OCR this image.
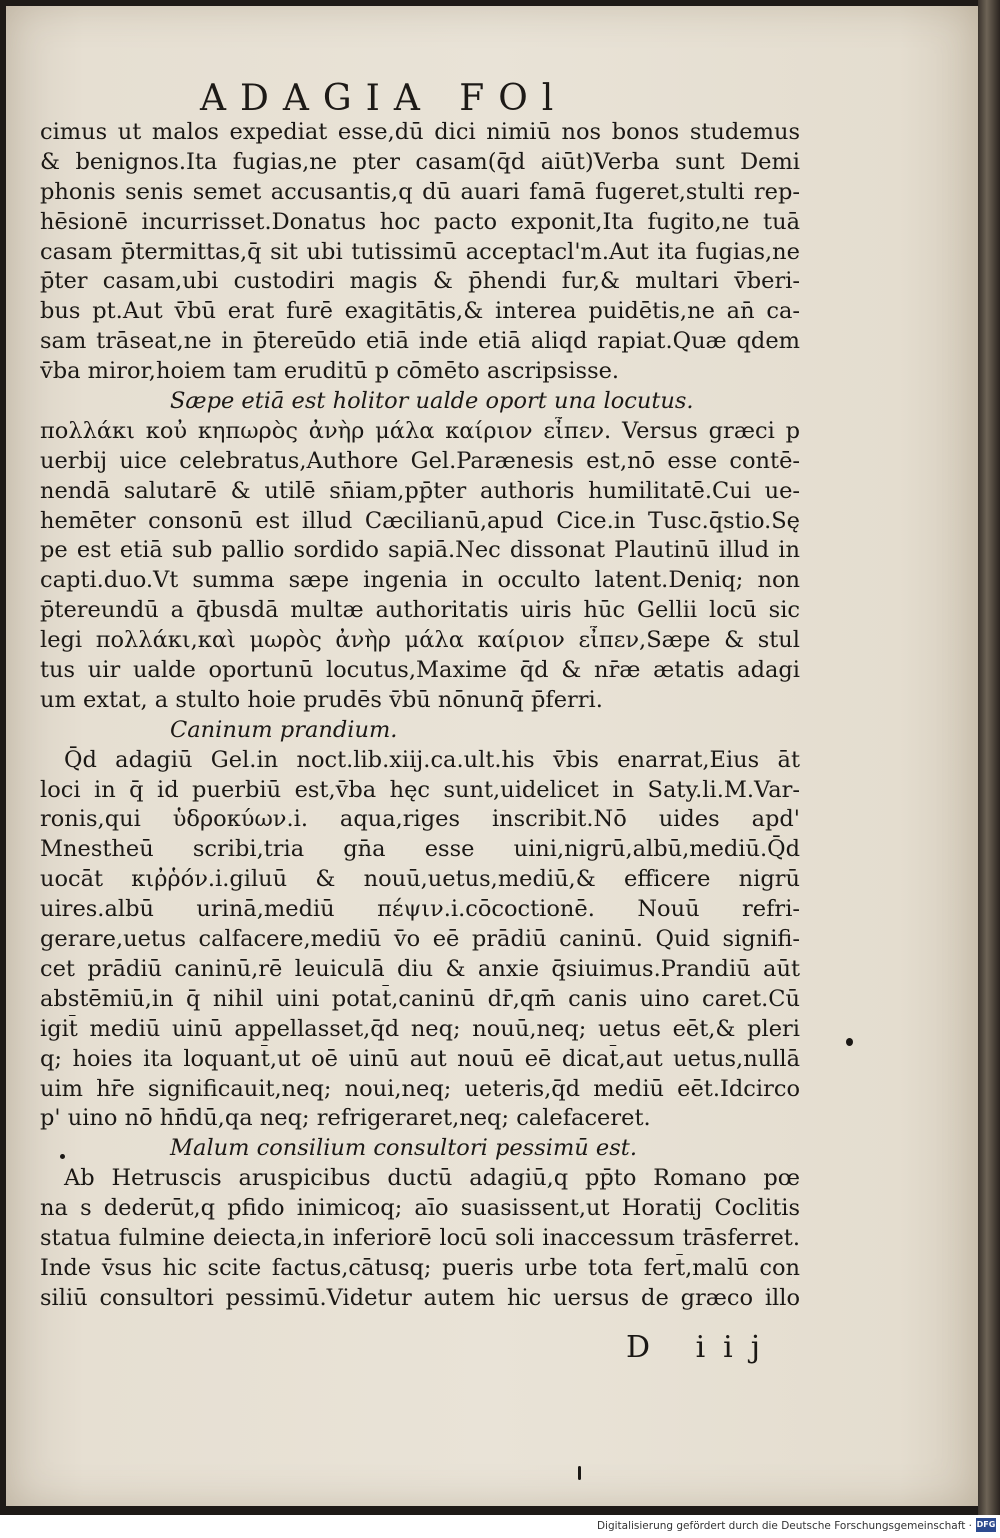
ADAGIA FOl
cimus ut malos expediat esse,dū dici nimiū nos bonos studemus
& benignos.Ita fugias,ne pter casam(q̄d aiūt)Verba sunt Demi
phonis senis semet accusantis,q dū auari famā fugeret,stulti rep-
hēsionē incurrisset.Donatus hoc pacto exponit,Ita fugito,ne tuā
casam p̄termittas,q̄ sit ubi tutissimū acceptacl'm.Aut ita fugias,ne
p̄ter casam,ubi custodiri magis & p̄hendi fur,& multari v̄beri-
bus pt.Aut v̄bū erat furē exagitātis,& interea puidētis,ne an̄ ca-
sam trāseat,ne in p̄tereūdo etiā inde etiā aliqd rapiat.Quæ qdem
v̄ba miror,hoiem tam eruditū p cōmēto ascripsisse.
Sæpe etiā est holitor ualde oport una locutus.
πολλάκι κοὐ κηπωρὸς ἀνὴρ μάλα καίριον εἶπεν. Versus græci p
uerbij uice celebratus,Authore Gel.Parænesis est,nō esse contē-
nendā salutarē & utilē sn̄iam,pp̄ter authoris humilitatē.Cui ue-
hemēter consonū est illud Cæcilianū,apud Cice.in Tusc.q̄stio.Sę
pe est etiā sub pallio sordido sapiā.Nec dissonat Plautinū illud in
capti.duo.Vt summa sæpe ingenia in occulto latent.Deniq; non
p̄tereundū a q̄busdā multæ authoritatis uiris hūc Gellii locū sic
legi πολλάκι,καὶ μωρὸς ἀνὴρ μάλα καίριον εἶπεν,Sæpe & stul
tus uir ualde oportunū locutus,Maxime q̄d & nr̄æ ætatis adagi
um extat, a stulto hoie prudēs v̄bū nōnunq̄ p̄ferri.
Caninum prandium.
Q̄d adagiū Gel.in noct.lib.xiij.ca.ult.his v̄bis enarrat,Eius āt
loci in q̄ id puerbiū est,v̄ba hęc sunt,uidelicet in Saty.li.M.Var-
ronis,qui ὑδροκύων.i. aqua,riges inscribit.Nō uides apd'
Mnestheū scribi,tria gn̄a esse uini,nigrū,albū,mediū.Q̄d
uocāt κιῤῥόν.i.giluū & nouū,uetus,mediū,& efficere nigrū
uires.albū urinā,mediū πέψιν.i.cōcoctionē. Nouū refri-
gerare,uetus calfacere,mediū v̄o eē prādiū caninū. Quid signifi-
cet prādiū caninū,rē leuiculā diu & anxie q̄siuimus.Prandiū aūt
abstēmiū,in q̄ nihil uini potat̄,caninū dr̄,qm̄ canis uino caret.Cū
igit̄ mediū uinū appellasset,q̄d neq; nouū,neq; uetus eēt,& pleri
q; hoies ita loquant̄,ut oē uinū aut nouū eē dicat̄,aut uetus,nullā
uim hr̄e significauit,neq; noui,neq; ueteris,q̄d mediū eēt.Idcirco
p' uino nō hn̄dū,qa neq; refrigeraret,neq; calefaceret.
Malum consilium consultori pessimū est.
Ab Hetruscis aruspicibus ductū adagiū,q pp̄to Romano pœ
na s dederūt,q pfido inimicoq; aīo suasissent,ut Horatij Coclitis
statua fulmine deiecta,in inferiorē locū soli inaccessum trāsferret.
Inde v̄sus hic scite factus,cātusq; pueris urbe tota fert̄,malū con
siliū consultori pessimū.Videtur autem hic uersus de græco illo
D iij
Digitalisierung gefördert durch die Deutsche Forschungsgemeinschaft · DFG
